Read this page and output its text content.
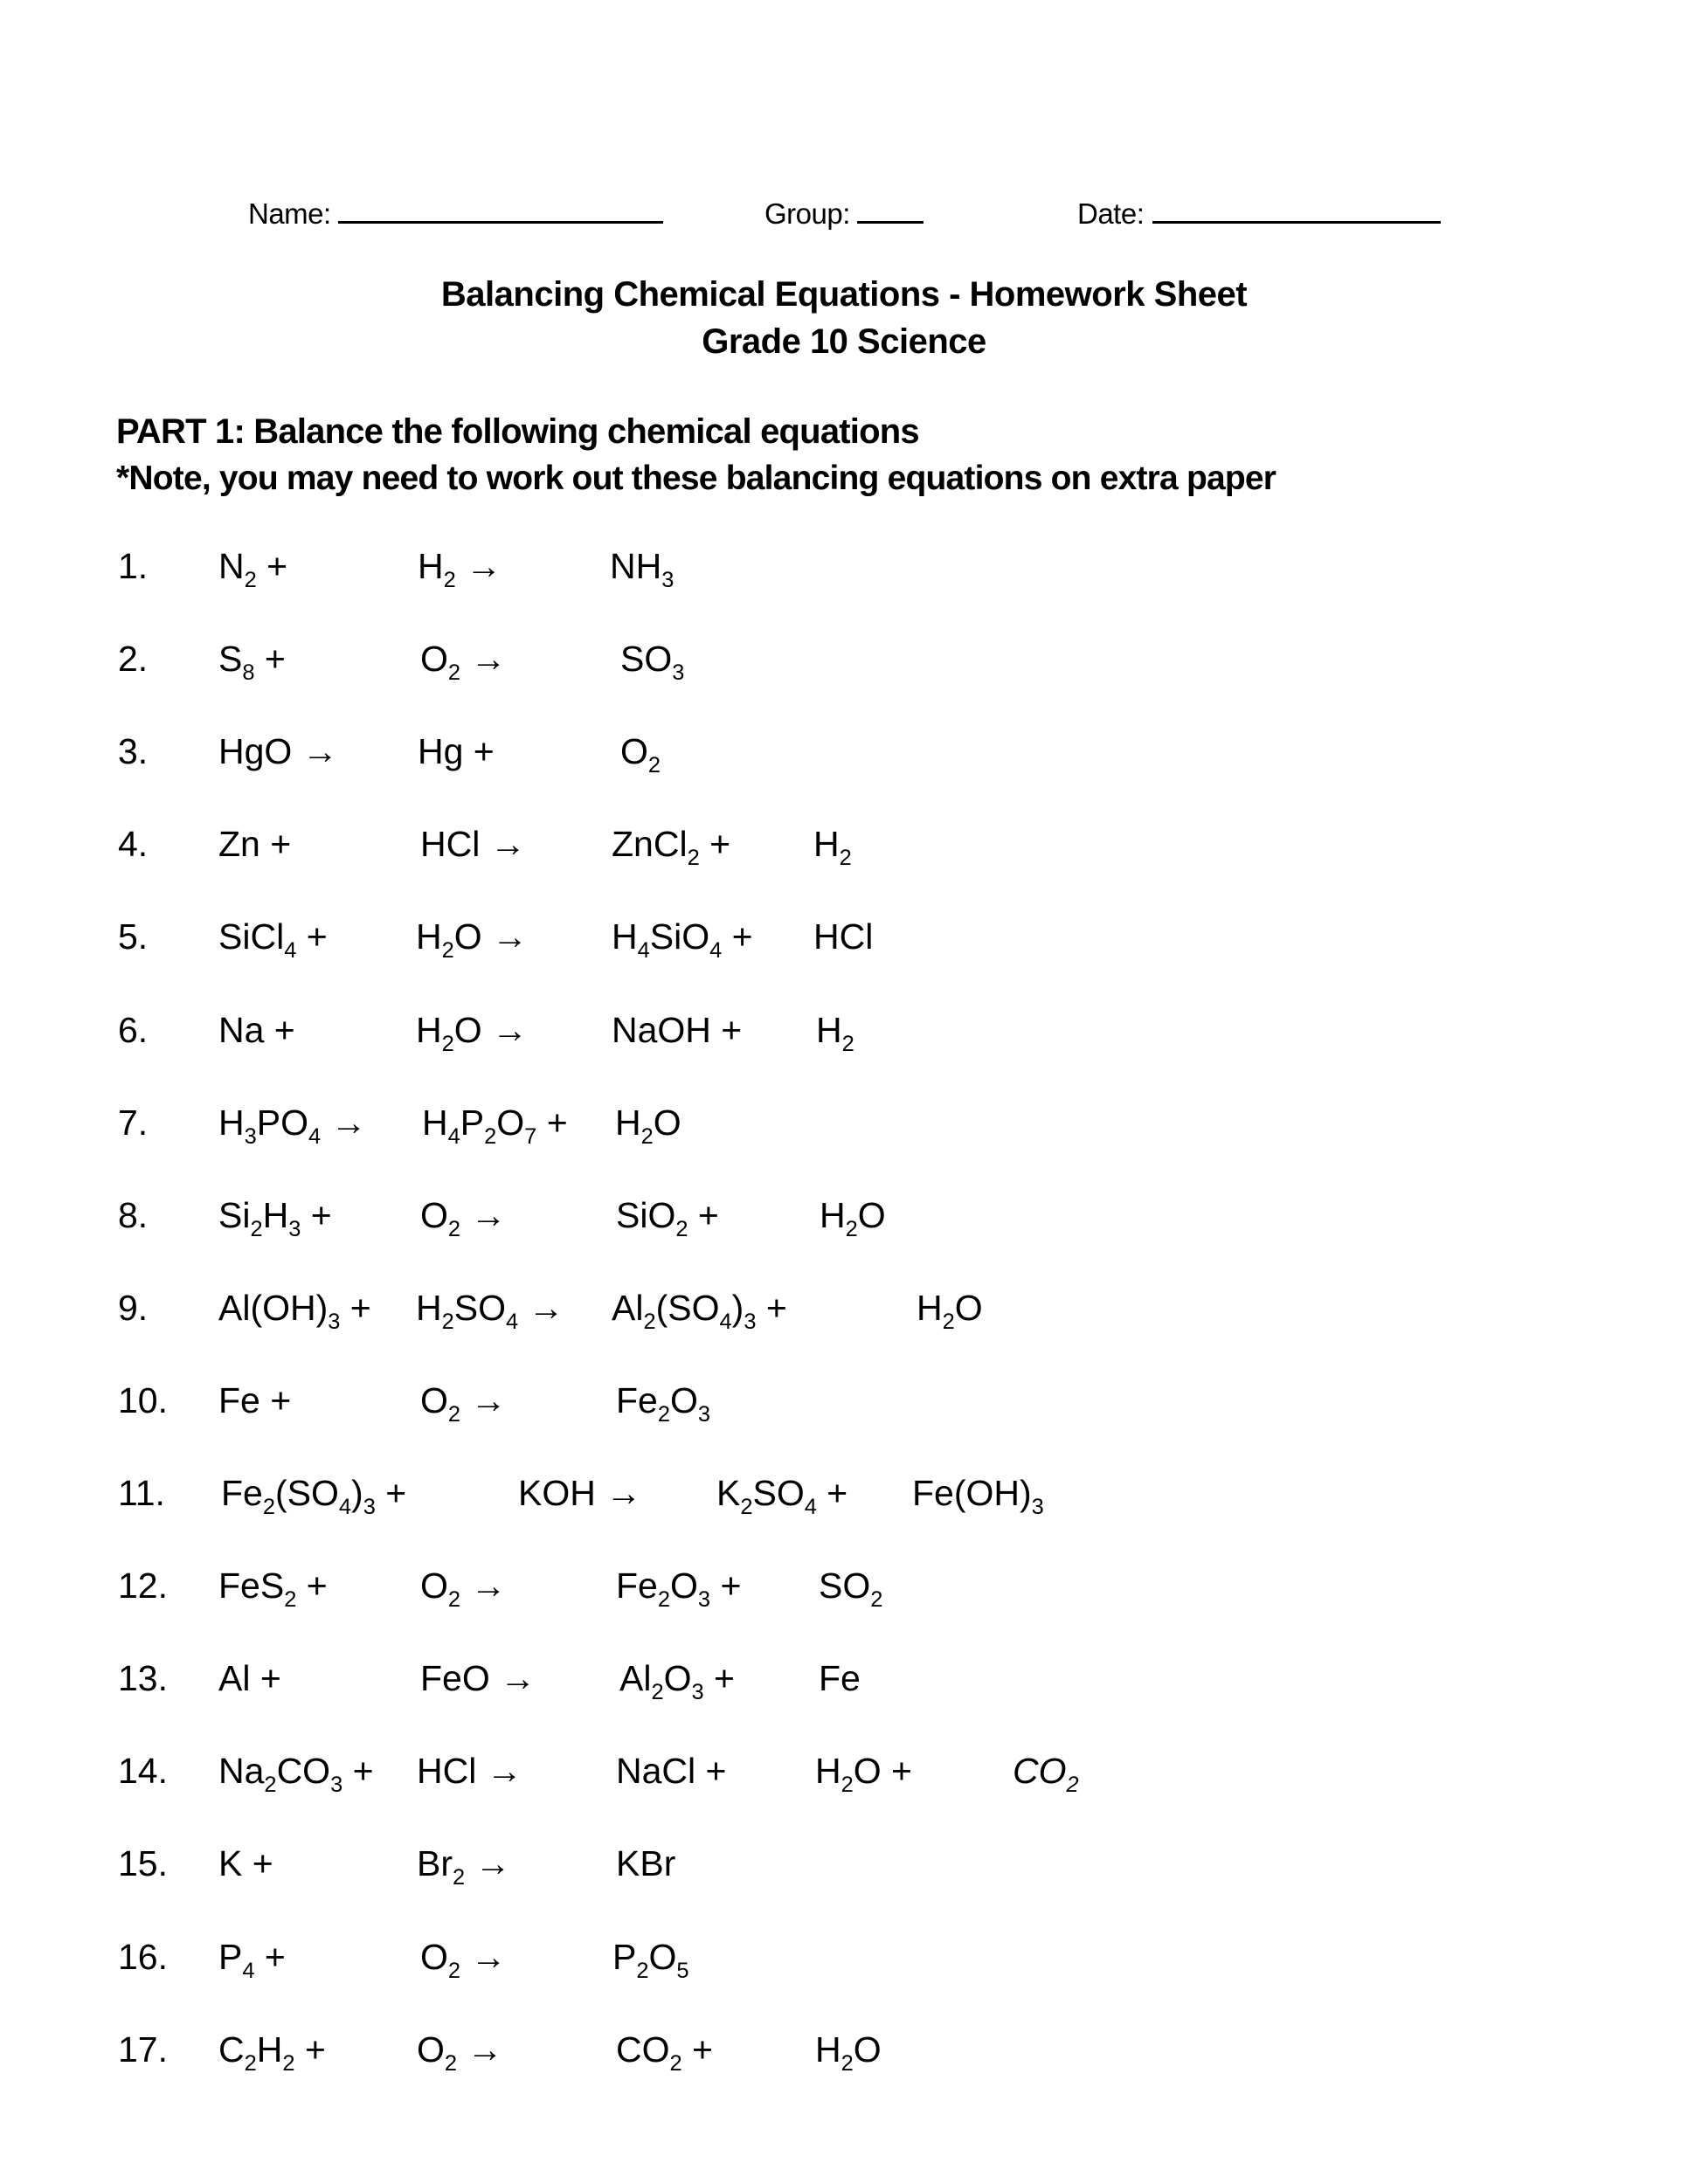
Name:	Group:	Date:
Balancing Chemical Equations - Homework Sheet
Grade 10 Science
PART 1: Balance the following chemical equations
*Note, you may need to work out these balancing equations on extra paper
1. $N_2$ +	$H_2$ →	$NH_3$
2. $S_8$ +	$O_2$ →	$SO_3$
3. HgO → Hg +	$O_2$
4. Zn +	HCl → ZnCl$_2$ + $H_2$
5. SiCl$_4$ + $H_2O \to H_4SiO_4$ + HCl
6. Na +	$H_2O$ → NaOH + $H_2$
7. $H_3PO_4 \to H_4P_2O_7 + H_2O$
8. $Si_2H_3 + O_2$ →	SiO$_2$ +	$H_2O$
9. $Al(OH)_3 + H_2SO_4 \to Al_2(SO_4)_3$ +	$H_2O$
10. Fe +	$O_2$ →	$Fe_2O_3$
11. $Fe_2(SO_4)_3$ +	KOH → $K_2SO_4 + Fe(OH)_3$
12. FeS$_2$ +	$O_2$ →	$Fe_2O_3 + SO_2$
13. Al +	FeO → $Al_2O_3 + Fe$
14. $Na_2CO_3$ + HCl →	NaCl + $H_2O$ +	$CO_2$
15. K +	$Br_2$ →	KBr
16. $P_4$ +	$O_2$ →	$P_2O_5$
17. $C_2H_2$ +	$O_2$ →	$CO_2$ +	$H_2O$
